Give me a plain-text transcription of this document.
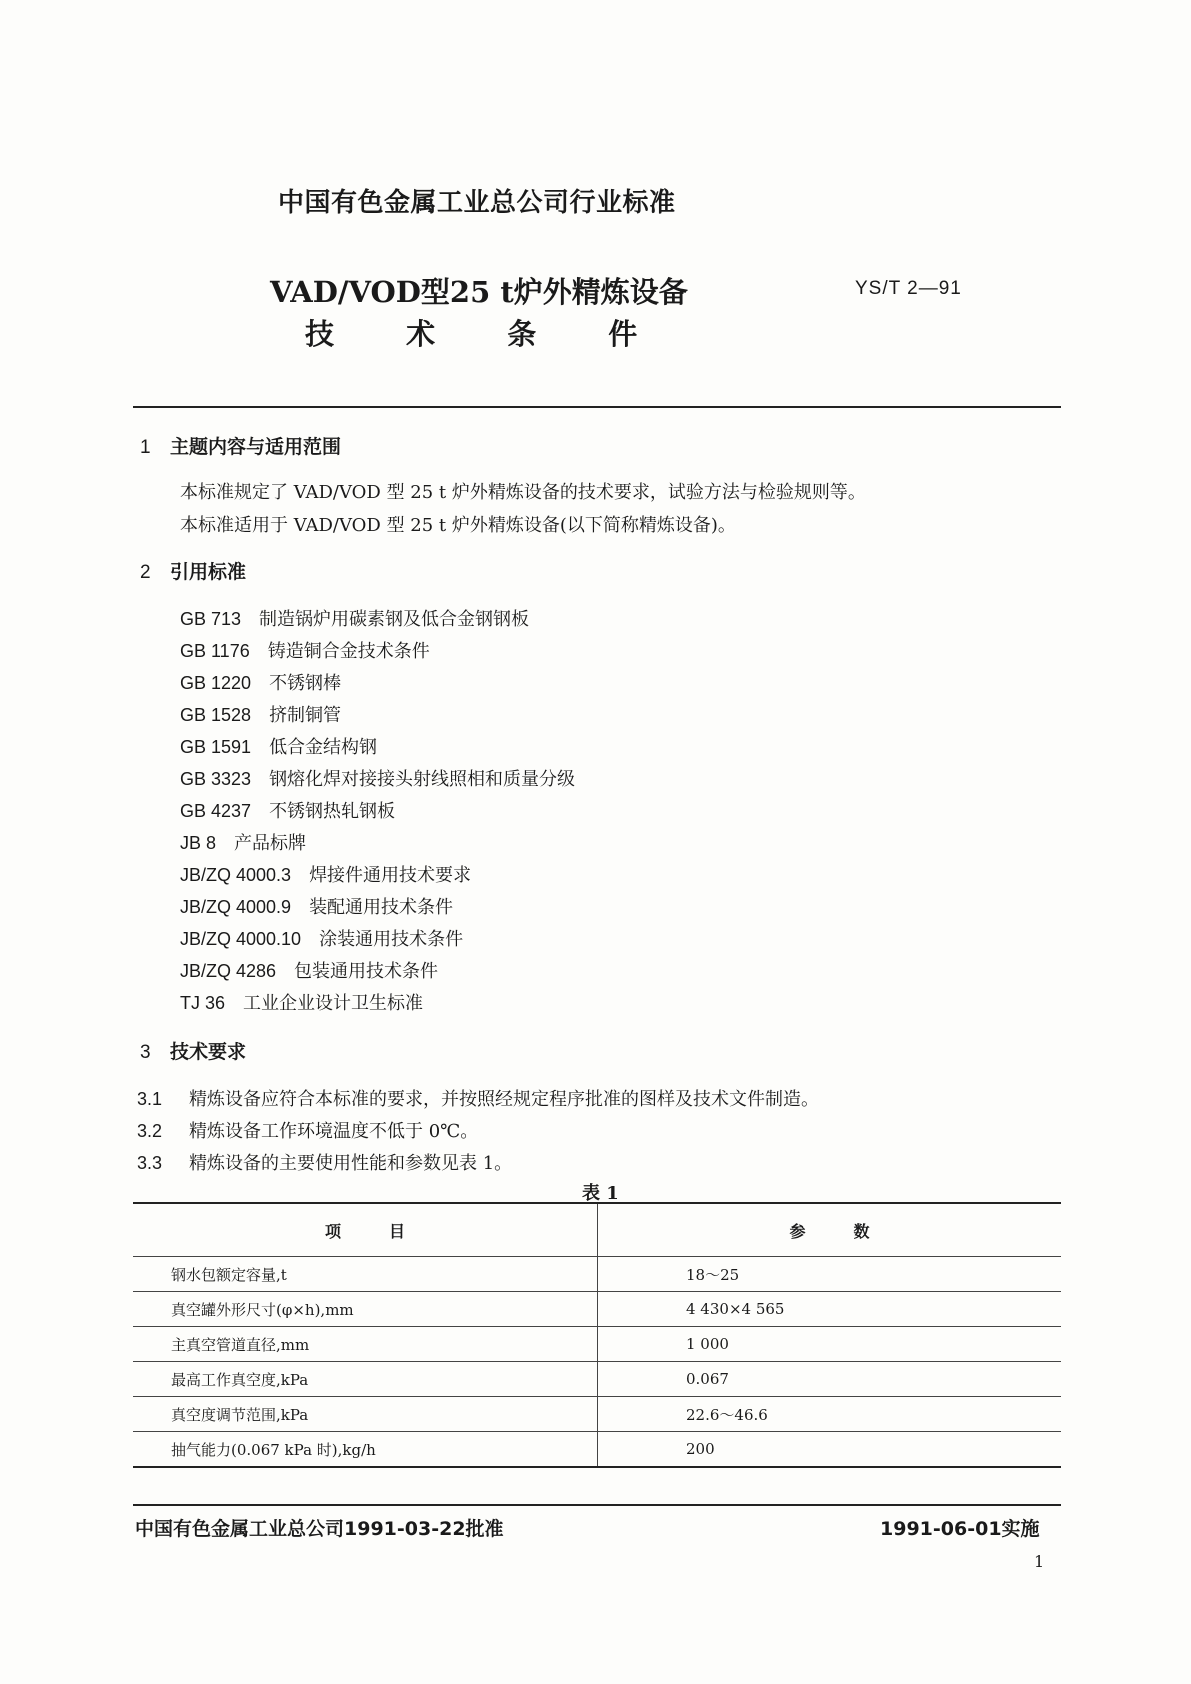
中国有色金属工业总公司行业标准
VAD/VOD型25 t炉外精炼设备
技 术 条 件
YS/T 2—91
1 主题内容与适用范围
本标准规定了 VAD/VOD 型 25 t 炉外精炼设备的技术要求，试验方法与检验规则等。
本标准适用于 VAD/VOD 型 25 t 炉外精炼设备(以下简称精炼设备)。
2 引用标准
GB 713 制造锅炉用碳素钢及低合金钢钢板
GB 1176 铸造铜合金技术条件
GB 1220 不锈钢棒
GB 1528 挤制铜管
GB 1591 低合金结构钢
GB 3323 钢熔化焊对接接头射线照相和质量分级
GB 4237 不锈钢热轧钢板
JB 8 产品标牌
JB/ZQ 4000.3 焊接件通用技术要求
JB/ZQ 4000.9 装配通用技术条件
JB/ZQ 4000.10 涂装通用技术条件
JB/ZQ 4286 包装通用技术条件
TJ 36 工业企业设计卫生标准
3 技术要求
3.1 精炼设备应符合本标准的要求，并按照经规定程序批准的图样及技术文件制造。
3.2 精炼设备工作环境温度不低于 0℃。
3.3 精炼设备的主要使用性能和参数见表 1。
表 1
项　　　目	参　　　数
钢水包额定容量,t	18～25
真空罐外形尺寸(φ×h),mm	4 430×4 565
主真空管道直径,mm	1 000
最高工作真空度,kPa	0.067
真空度调节范围,kPa	22.6～46.6
抽气能力(0.067 kPa 时),kg/h	200
中国有色金属工业总公司1991-03-22批准	1991-06-01实施
1
